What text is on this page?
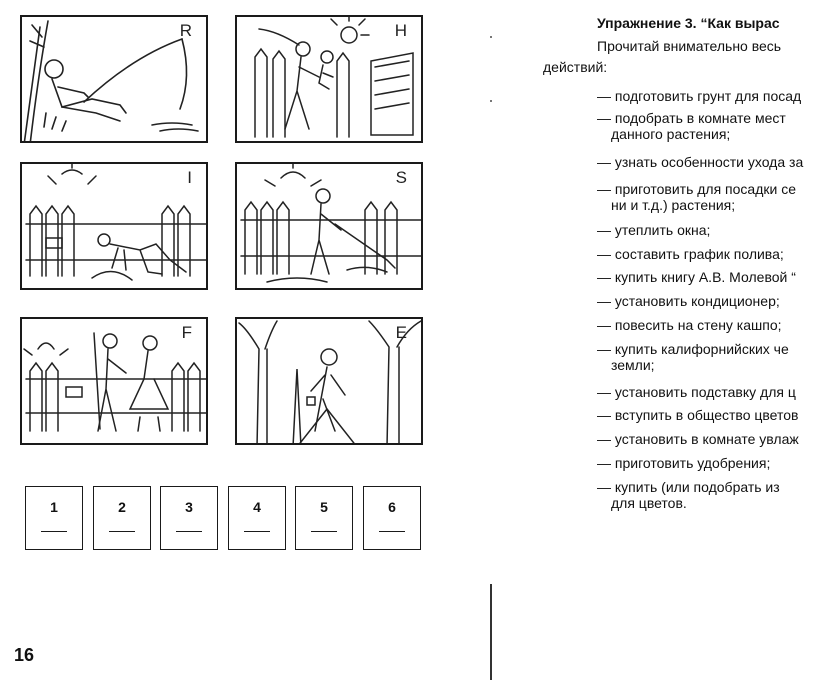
R	H
I	S
F	E
1	2	3	4	5	6
16
Упражнение 3. “Как вырас
Прочитай внимательно весь
действий:
— подготовить грунт для посад
— подобрать в комнате мест
данного растения;
— узнать особенности ухода за
— приготовить для посадки се
ни и т.д.) растения;
— утеплить окна;
— составить график полива;
— купить книгу А.В. Молевой “
— установить кондиционер;
— повесить на стену кашпо;
— купить калифорнийских че
земли;
— установить подставку для ц
— вступить в общество цветов
— установить в комнате увлаж
— приготовить удобрения;
— купить (или подобрать из
для цветов.
